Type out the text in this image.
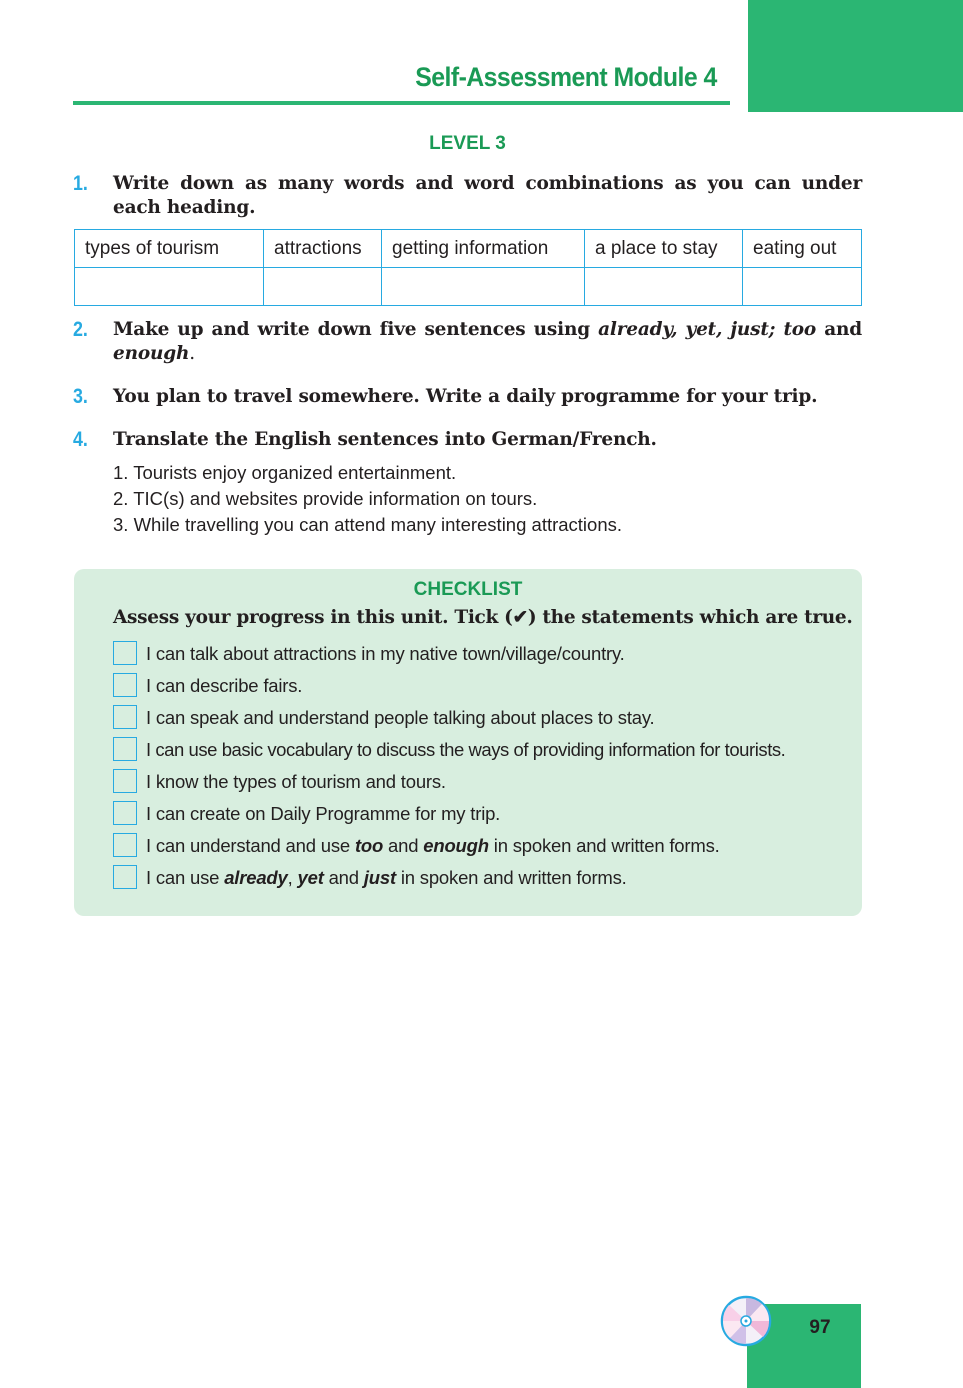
Self-Assessment Module 4
LEVEL 3
1. Write down as many words and word combinations as you can under each heading.
types of tourism	attractions	getting information	a place to stay	eating out

2. Make up and write down five sentences using already, yet, just; too and enough.
3. You plan to travel somewhere. Write a daily programme for your trip.
4. Translate the English sentences into German/French.
1. Tourists enjoy organized entertainment.
2. TIC(s) and websites provide information on tours.
3. While travelling you can attend many interesting attractions.
CHECKLIST
Assess your progress in this unit. Tick (✔) the statements which are true.
I can talk about attractions in my native town/village/country.
I can describe fairs.
I can speak and understand people talking about places to stay.
I can use basic vocabulary to discuss the ways of providing information for tourists.
I know the types of tourism and tours.
I can create on Daily Programme for my trip.
I can understand and use too and enough in spoken and written forms.
I can use already, yet and just in spoken and written forms.
97
